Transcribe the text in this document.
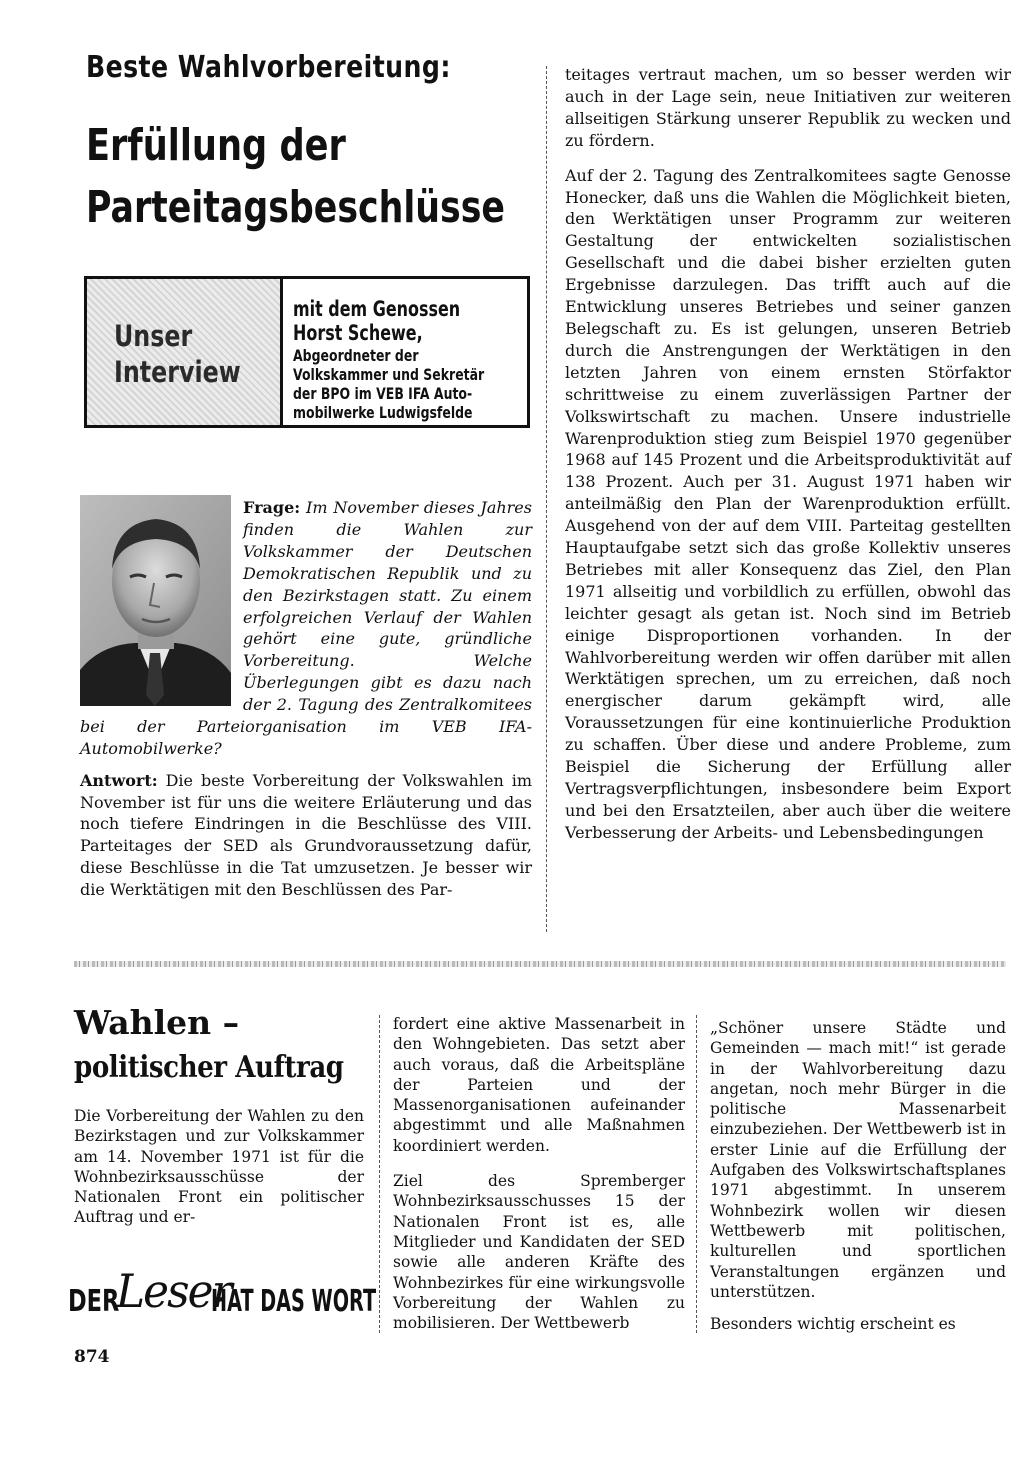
Beste Wahlvorbereitung:
Erfüllung der
Parteitagsbeschlüsse
Unser
Interview
mit dem Genossen
Horst Schewe,
Abgeordneter der
Volkskammer und Sekretär
der BPO im VEB IFA Auto-
mobilwerke Ludwigsfelde

Frage: Im November dieses Jahres finden die Wahlen zur Volkskammer der Deutschen Demokratischen Republik und zu den Bezirkstagen statt. Zu einem erfolgreichen Verlauf der Wahlen gehört eine gute, gründliche Vorbereitung. Welche Überlegungen gibt es dazu nach der 2. Tagung des Zentralkomitees bei der Parteiorganisation im VEB IFA-Automobilwerke?

Antwort: Die beste Vorbereitung der Volkswahlen im November ist für uns die weitere Erläuterung und das noch tiefere Eindringen in die Beschlüsse des VIII. Parteitages der SED als Grundvoraussetzung dafür, diese Beschlüsse in die Tat umzusetzen. Je besser wir die Werktätigen mit den Beschlüssen des Par-

teitages vertraut machen, um so besser werden wir auch in der Lage sein, neue Initiativen zur weiteren allseitigen Stärkung unserer Republik zu wecken und zu fördern.

Auf der 2. Tagung des Zentralkomitees sagte Genosse Honecker, daß uns die Wahlen die Möglichkeit bieten, den Werktätigen unser Programm zur weiteren Gestaltung der entwickelten sozialistischen Gesellschaft und die dabei bisher erzielten guten Ergebnisse darzulegen. Das trifft auch auf die Entwicklung unseres Betriebes und seiner ganzen Belegschaft zu. Es ist gelungen, unseren Betrieb durch die Anstrengungen der Werktätigen in den letzten Jahren von einem ernsten Störfaktor schrittweise zu einem zuverlässigen Partner der Volkswirtschaft zu machen. Unsere industrielle Warenproduktion stieg zum Beispiel 1970 gegenüber 1968 auf 145 Prozent und die Arbeitsproduktivität auf 138 Prozent. Auch per 31. August 1971 haben wir anteilmäßig den Plan der Warenproduktion erfüllt. Ausgehend von der auf dem VIII. Parteitag gestellten Hauptaufgabe setzt sich das große Kollektiv unseres Betriebes mit aller Konsequenz das Ziel, den Plan 1971 allseitig und vorbildlich zu erfüllen, obwohl das leichter gesagt als getan ist. Noch sind im Betrieb einige Disproportionen vorhanden. In der Wahlvorbereitung werden wir offen darüber mit allen Werktätigen sprechen, um zu erreichen, daß noch energischer darum gekämpft wird, alle Voraussetzungen für eine kontinuierliche Produktion zu schaffen. Über diese und andere Probleme, zum Beispiel die Sicherung der Erfüllung aller Vertragsverpflichtungen, insbesondere beim Export und bei den Ersatzteilen, aber auch über die weitere Verbesserung der Arbeits- und Lebensbedingungen

Wahlen –
politischer Auftrag

Die Vorbereitung der Wahlen zu den Bezirkstagen und zur Volkskammer am 14. November 1971 ist für die Wohnbezirksausschüsse der Nationalen Front ein politischer Auftrag und er-

DER
Leser
HAT DAS WORT

fordert eine aktive Massenarbeit in den Wohngebieten. Das setzt aber auch voraus, daß die Arbeitspläne der Parteien und der Massenorganisationen aufeinander abgestimmt und alle Maßnahmen koordiniert werden.

Ziel des Spremberger Wohnbezirksausschusses 15 der Nationalen Front ist es, alle Mitglieder und Kandidaten der SED sowie alle anderen Kräfte des Wohnbezirkes für eine wirkungsvolle Vorbereitung der Wahlen zu mobilisieren. Der Wettbewerb

„Schöner unsere Städte und Gemeinden — mach mit!“ ist gerade in der Wahlvorbereitung dazu angetan, noch mehr Bürger in die politische Massenarbeit einzubeziehen. Der Wettbewerb ist in erster Linie auf die Erfüllung der Aufgaben des Volkswirtschaftsplanes 1971 abgestimmt. In unserem Wohnbezirk wollen wir diesen Wettbewerb mit politischen, kulturellen und sportlichen Veranstaltungen ergänzen und unterstützen.

Besonders wichtig erscheint es

874
